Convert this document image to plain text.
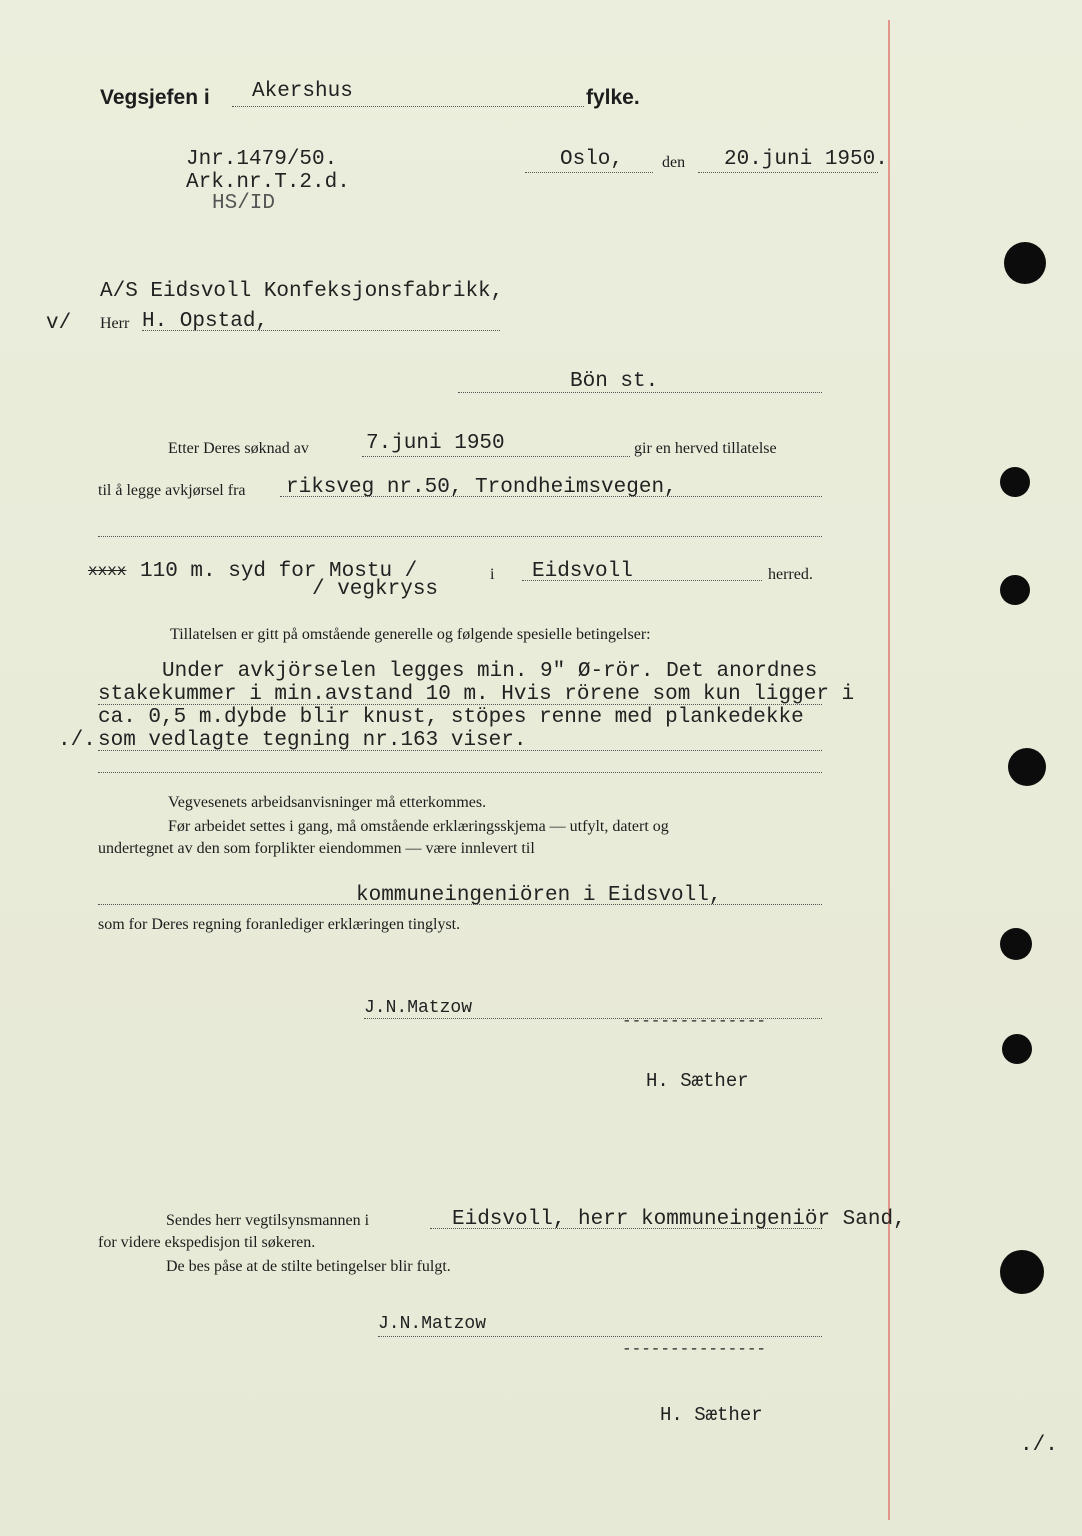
Vegsjefen i Akershus	fylke.
Jnr.1479/50.
Ark.nr.T.2.d.
HS/ID
Oslo, den 20.juni 1950.
A/S Eidsvoll Konfeksjonsfabrikk,
v/ Herr H. Opstad,
Bön st.
Etter Deres søknad av	7.juni 1950	gir en herved tillatelse
til å legge avkjørsel fra riksveg nr.50, Trondheimsvegen,
xxxx 110 m. syd for Mostu /
/ vegkryss
i Eidsvoll	herred.
Tillatelsen er gitt på omstående generelle og følgende spesielle betingelser:
Under avkjörselen legges min. 9" Ø-rör. Det anordnes
stakekummer i min.avstand 10 m. Hvis rörene som kun ligger i
ca. 0,5 m.dybde blir knust, stöpes renne med plankedekke
./. som vedlagte tegning nr.163 viser.
Vegvesenets arbeidsanvisninger må etterkommes.
Før arbeidet settes i gang, må omstående erklæringsskjema — utfylt, datert og
undertegnet av den som forplikter eiendommen — være innlevert til
kommuneingeniören i Eidsvoll,
som for Deres regning foranlediger erklæringen tinglyst.
J.N.Matzow
---------------
H. Sæther
Sendes herr vegtilsynsmannen i	Eidsvoll, herr kommuneingeniör Sand,
for videre ekspedisjon til søkeren.
De bes påse at de stilte betingelser blir fulgt.
J.N.Matzow
---------------
H. Sæther
./.
